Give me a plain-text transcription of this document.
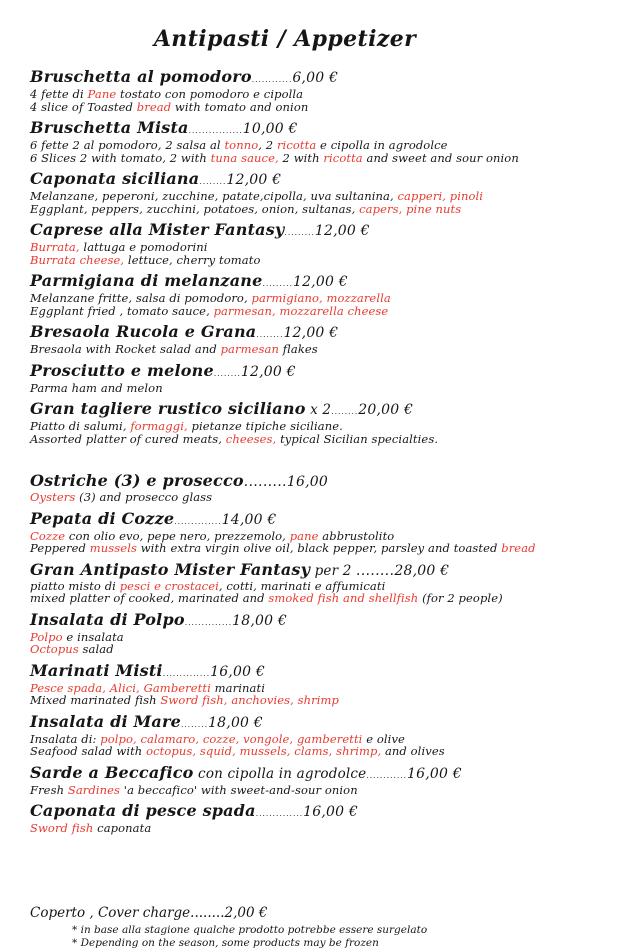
Antipasti / Appetizer
Bruschetta al pomodoro............6,00 €
4 fette di Pane tostato con pomodoro e cipolla
4 slice of Toasted bread with tomato and onion
Bruschetta Mista................10,00 €
6 fette 2 al pomodoro, 2 salsa al tonno, 2 ricotta e cipolla in agrodolce
6 Slices 2 with tomato, 2 with tuna sauce, 2 with ricotta and sweet and sour onion
Caponata siciliana........12,00 €
Melanzane, peperoni, zucchine, patate,cipolla, uva sultanina, capperi, pinoli
Eggplant, peppers, zucchini, potatoes, onion, sultanas, capers, pine nuts
Caprese alla Mister Fantasy.........12,00 €
Burrata, lattuga e pomodorini
Burrata cheese, lettuce, cherry tomato
Parmigiana di melanzane.........12,00 €
Melanzane fritte, salsa di pomodoro, parmigiano, mozzarella
Eggplant fried , tomato sauce, parmesan, mozzarella cheese
Bresaola Rucola e Grana........12,00 €
Bresaola with Rocket salad and parmesan flakes
Prosciutto e melone........12,00 €
Parma ham and melon
Gran tagliere rustico siciliano x 2........20,00 €
Piatto di salumi, formaggi, pietanze tipiche siciliane.
Assorted platter of cured meats, cheeses, typical Sicilian specialties.
Ostriche (3) e prosecco.........16,00
Oysters (3) and prosecco glass
Pepata di Cozze..............14,00 €
Cozze con olio evo, pepe nero, prezzemolo, pane abbrustolito
Peppered mussels with extra virgin olive oil, black pepper, parsley and toasted bread
Gran Antipasto Mister Fantasy per 2 ........28,00 €
piatto misto di pesci e crostacei, cotti, marinati e affumicati
mixed platter of cooked, marinated and smoked fish and shellfish (for 2 people)
Insalata di Polpo..............18,00 €
Polpo e insalata
Octopus salad
Marinati Misti..............16,00 €
Pesce spada, Alici, Gamberetti marinati
Mixed marinated fish Sword fish, anchovies, shrimp
Insalata di Mare........18,00 €
Insalata di: polpo, calamaro, cozze, vongole, gamberetti e olive
Seafood salad with octopus, squid, mussels, clams, shrimp, and olives
Sarde a Beccafico con cipolla in agrodolce............16,00 €
Fresh Sardines 'a beccafico' with sweet-and-sour onion
Caponata di pesce spada..............16,00 €
Sword fish caponata
Coperto , Cover charge........2,00 €
* in base alla stagione qualche prodotto potrebbe essere surgelato
* Depending on the season, some products may be frozen
